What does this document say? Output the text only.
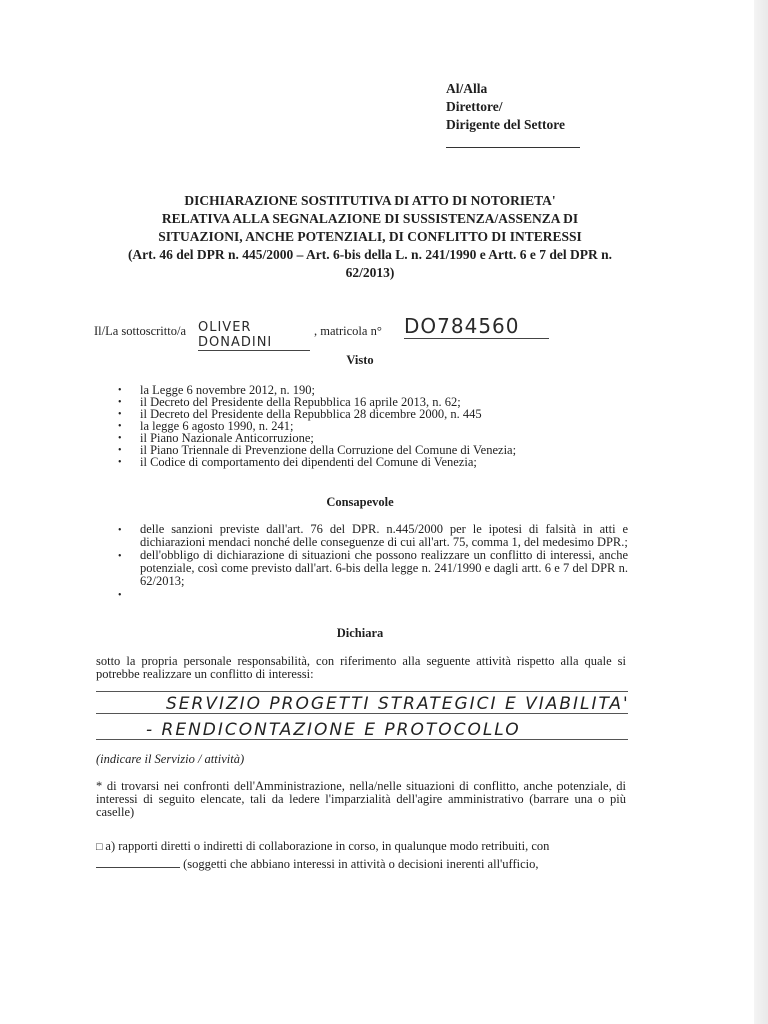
Al/Alla
Direttore/
Dirigente del Settore
DICHIARAZIONE SOSTITUTIVA DI ATTO DI NOTORIETA'
RELATIVA ALLA SEGNALAZIONE DI SUSSISTENZA/ASSENZA DI
SITUAZIONI, ANCHE POTENZIALI, DI CONFLITTO DI INTERESSI
(Art. 46 del DPR n. 445/2000 – Art. 6-bis della L. n. 241/1990 e Artt. 6 e 7 del DPR n.
62/2013)
Il/La sottoscritto/a OLIVER DONADINI
, matricola n° DO784560
Visto
• la Legge 6 novembre 2012, n. 190;
• il Decreto del Presidente della Repubblica 16 aprile 2013, n. 62;
• il Decreto del Presidente della Repubblica 28 dicembre 2000, n. 445
• la legge 6 agosto 1990, n. 241;
• il Piano Nazionale Anticorruzione;
• il Piano Triennale di Prevenzione della Corruzione del Comune di Venezia;
• il Codice di comportamento dei dipendenti del Comune di Venezia;
Consapevole
• delle sanzioni previste dall'art. 76 del DPR. n.445/2000 per le ipotesi di falsità in atti e dichiarazioni mendaci nonché delle conseguenze di cui all'art. 75, comma 1, del medesimo DPR.;
• dell'obbligo di dichiarazione di situazioni che possono realizzare un conflitto di interessi, anche potenziale, così come previsto dall'art. 6-bis della legge n. 241/1990 e dagli artt. 6 e 7 del DPR n. 62/2013;
•

Dichiara
sotto la propria personale responsabilità, con riferimento alla seguente attività rispetto alla quale si potrebbe realizzare un conflitto di interessi:
SERVIZIO PROGETTI STRATEGICI E VIABILITA'
- RENDICONTAZIONE E PROTOCOLLO
(indicare il Servizio / attività)
* di trovarsi nei confronti dell'Amministrazione, nella/nelle situazioni di conflitto, anche potenziale, di interessi di seguito elencate, tali da ledere l'imparzialità dell'agire amministrativo (barrare una o più caselle)
□ a) rapporti diretti o indiretti di collaborazione in corso, in qualunque modo retribuiti, con
(soggetti che abbiano interessi in attività o decisioni inerenti all'ufficio,
